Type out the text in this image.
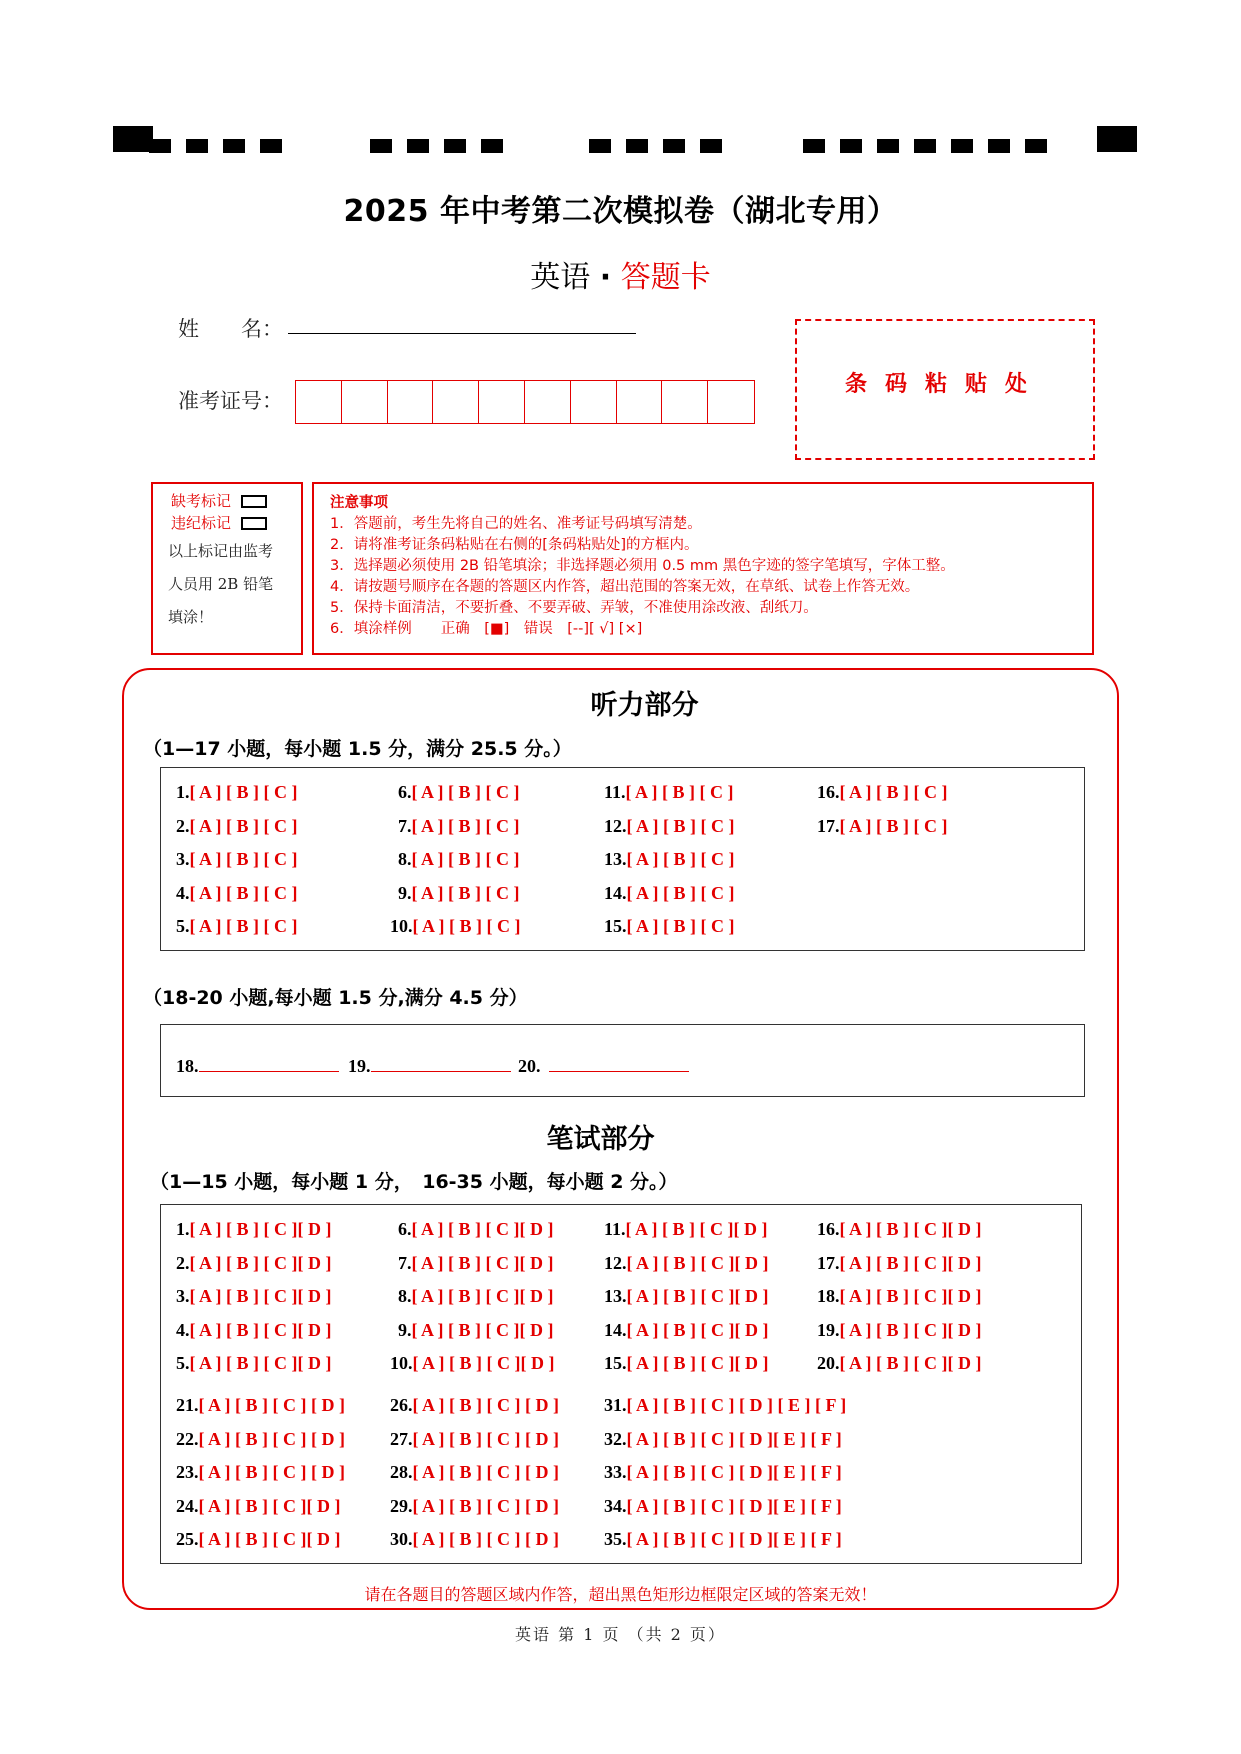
2025 年中考第二次模拟卷（湖北专用）
英语 · 答题卡
姓　　名：
准考证号：
条码粘贴处
缺考标记
违纪标记
以上标记由监考
人员用 2B 铅笔
填涂！
注意事项
1．答题前，考生先将自己的姓名、准考证号码填写清楚。
2．请将准考证条码粘贴在右侧的[条码粘贴处]的方框内。
3．选择题必须使用 2B 铅笔填涂；非选择题必须用 0.5 mm 黑色字迹的签字笔填写，字体工整。
4．请按题号顺序在各题的答题区内作答，超出范围的答案无效，在草纸、试卷上作答无效。
5．保持卡面清洁，不要折叠、不要弄破、弄皱，不准使用涂改液、刮纸刀。
6．填涂样例　　正确　[■]　错误　[--][ √] [×]
听力部分
（1—17 小题，每小题 1.5 分，满分 25.5 分。）
1.[ A ] [ B ] [ C ]
2.[ A ] [ B ] [ C ]
3.[ A ] [ B ] [ C ]
4.[ A ] [ B ] [ C ]
5.[ A ] [ B ] [ C ]
6.[ A ] [ B ] [ C ]
7.[ A ] [ B ] [ C ]
8.[ A ] [ B ] [ C ]
9.[ A ] [ B ] [ C ]
10.[ A ] [ B ] [ C ]
11.[ A ] [ B ] [ C ]
12.[ A ] [ B ] [ C ]
13.[ A ] [ B ] [ C ]
14.[ A ] [ B ] [ C ]
15.[ A ] [ B ] [ C ]
16.[ A ] [ B ] [ C ]
17.[ A ] [ B ] [ C ]
（18-20 小题,每小题 1.5 分,满分 4.5 分）
18.	19.	20.
笔试部分
（1—15 小题，每小题 1 分，　16-35 小题，每小题 2 分。）
1.[ A ] [ B ] [ C ][ D ]
2.[ A ] [ B ] [ C ][ D ]
3.[ A ] [ B ] [ C ][ D ]
4.[ A ] [ B ] [ C ][ D ]
5.[ A ] [ B ] [ C ][ D ]
6.[ A ] [ B ] [ C ][ D ]
7.[ A ] [ B ] [ C ][ D ]
8.[ A ] [ B ] [ C ][ D ]
9.[ A ] [ B ] [ C ][ D ]
10.[ A ] [ B ] [ C ][ D ]
11.[ A ] [ B ] [ C ][ D ]
12.[ A ] [ B ] [ C ][ D ]
13.[ A ] [ B ] [ C ][ D ]
14.[ A ] [ B ] [ C ][ D ]
15.[ A ] [ B ] [ C ][ D ]
16.[ A ] [ B ] [ C ][ D ]
17.[ A ] [ B ] [ C ][ D ]
18.[ A ] [ B ] [ C ][ D ]
19.[ A ] [ B ] [ C ][ D ]
20.[ A ] [ B ] [ C ][ D ]
21.[ A ] [ B ] [ C ] [ D ]
22.[ A ] [ B ] [ C ] [ D ]
23.[ A ] [ B ] [ C ] [ D ]
24.[ A ] [ B ] [ C ][ D ]
25.[ A ] [ B ] [ C ][ D ]
26.[ A ] [ B ] [ C ] [ D ]
27.[ A ] [ B ] [ C ] [ D ]
28.[ A ] [ B ] [ C ] [ D ]
29.[ A ] [ B ] [ C ] [ D ]
30.[ A ] [ B ] [ C ] [ D ]
31.[ A ] [ B ] [ C ] [ D ] [ E ] [ F ]
32.[ A ] [ B ] [ C ] [ D ][ E ] [ F ]
33.[ A ] [ B ] [ C ] [ D ][ E ] [ F ]
34.[ A ] [ B ] [ C ] [ D ][ E ] [ F ]
35.[ A ] [ B ] [ C ] [ D ][ E ] [ F ]
请在各题目的答题区域内作答，超出黑色矩形边框限定区域的答案无效！
英语 第 1 页 （共 2 页）
